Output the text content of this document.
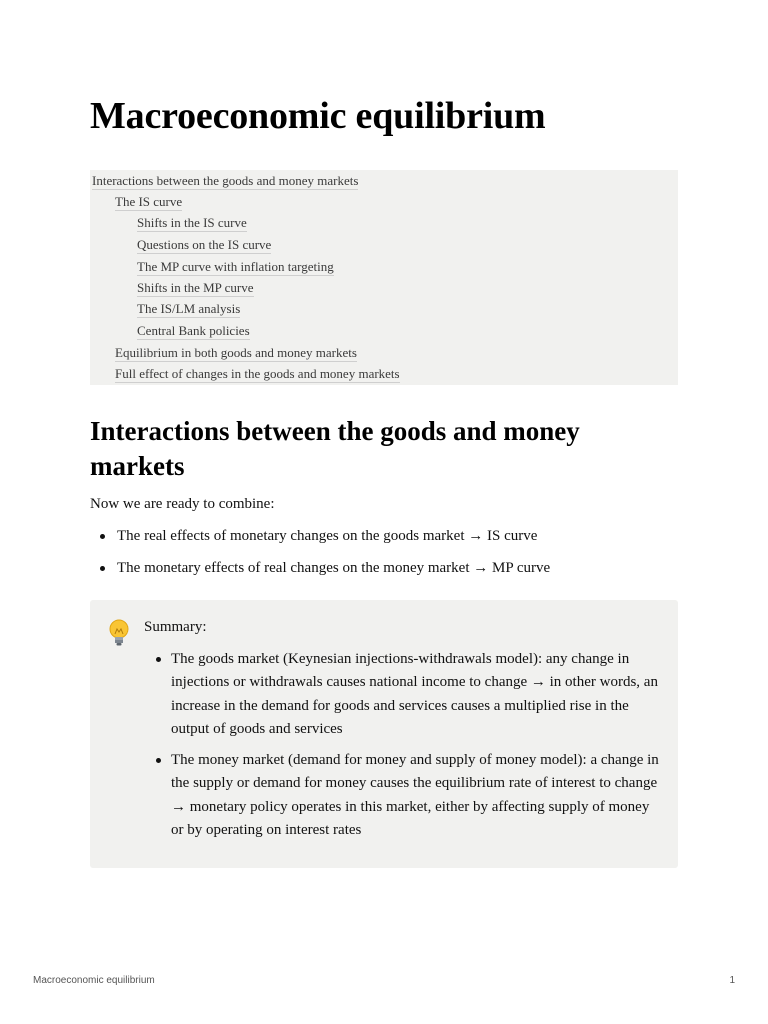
Macroeconomic equilibrium
Interactions between the goods and money markets
The IS curve
Shifts in the IS curve
Questions on the IS curve
The MP curve with inflation targeting
Shifts in the MP curve
The IS/LM analysis
Central Bank policies
Equilibrium in both goods and money markets
Full effect of changes in the goods and money markets
Interactions between the goods and money markets

Now we are ready to combine:

The real effects of monetary changes on the goods market → IS curve
The monetary effects of real changes on the money market → MP curve
Summary:
The goods market (Keynesian injections-withdrawals model): any change in injections or withdrawals causes national income to change → in other words, an increase in the demand for goods and services causes a multiplied rise in the output of goods and services
The money market (demand for money and supply of money model): a change in the supply or demand for money causes the equilibrium rate of interest to change → monetary policy operates in this market, either by affecting supply of money or by operating on interest rates
Macroeconomic equilibrium	1
